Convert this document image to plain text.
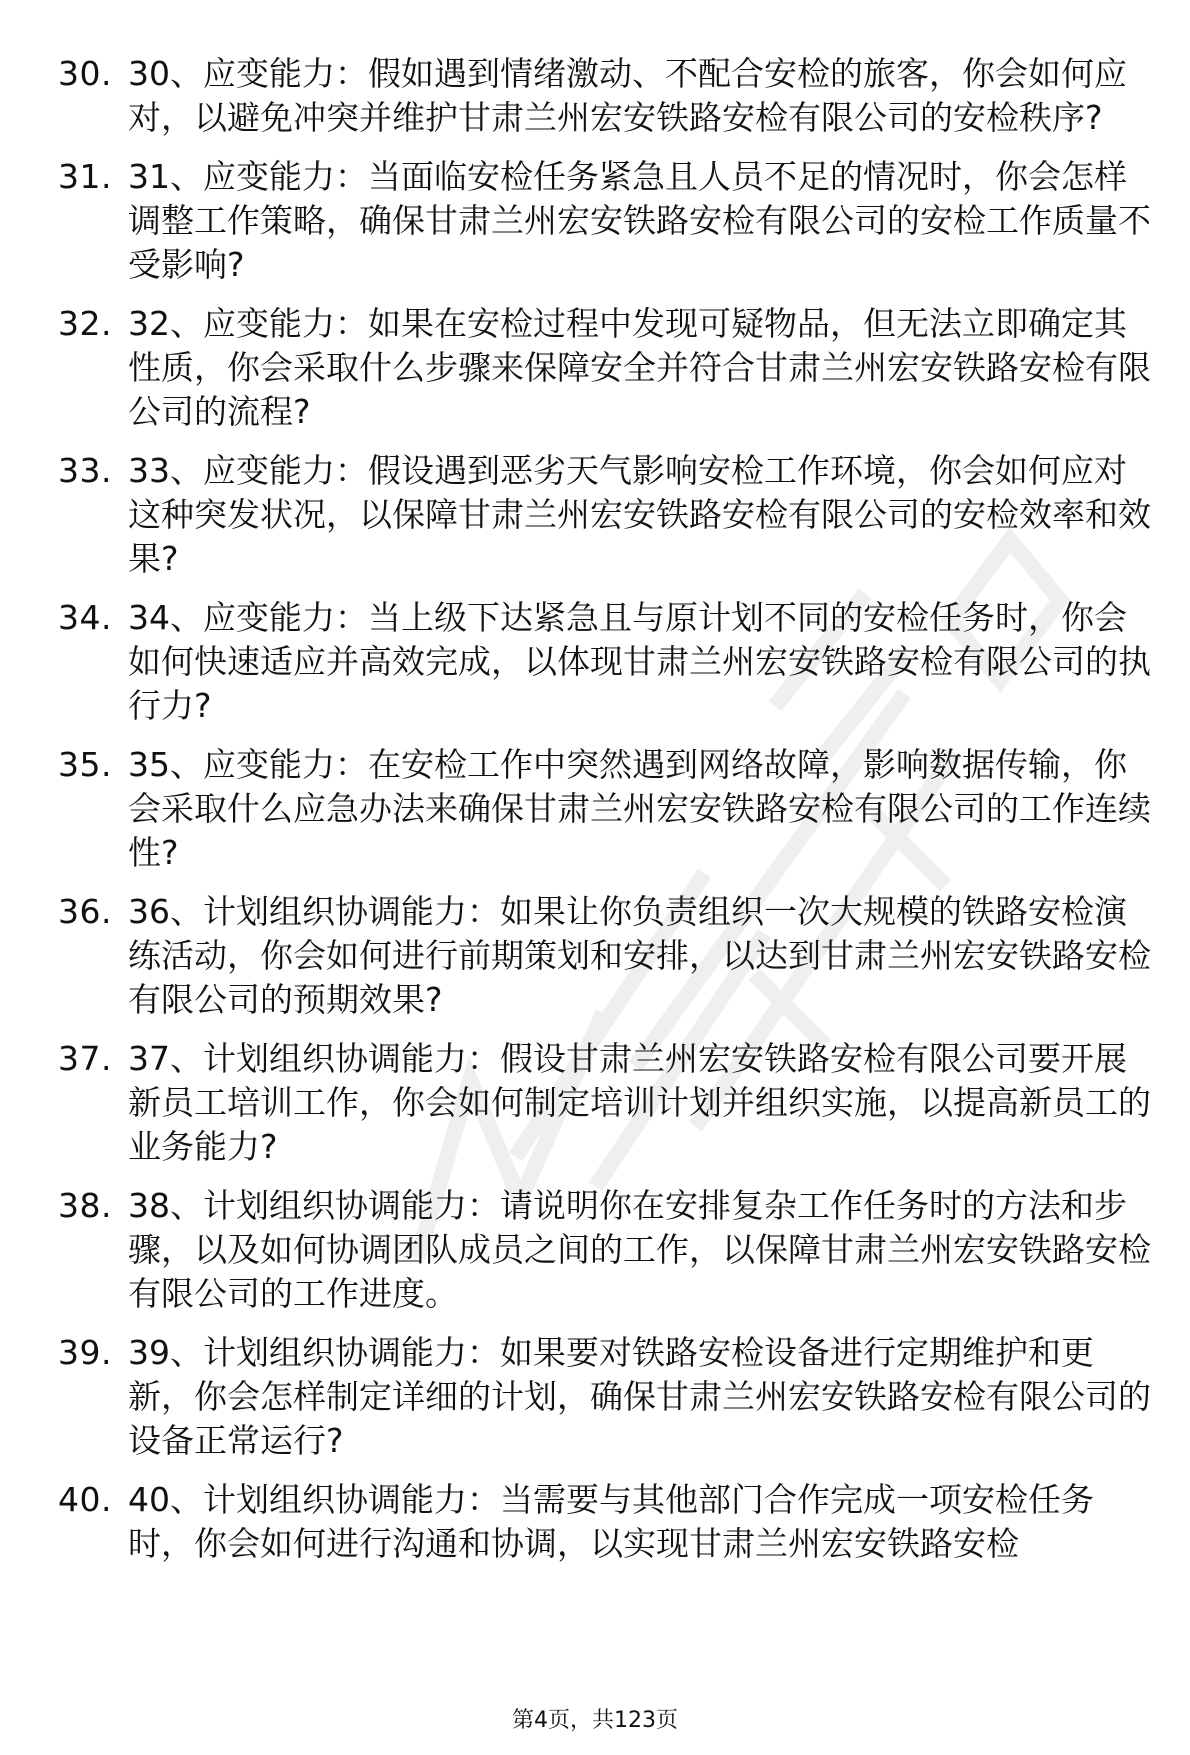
30. 30、应变能力：假如遇到情绪激动、不配合安检的旅客，你会如何应对，以避免冲突并维护甘肃兰州宏安铁路安检有限公司的安检秩序?
31. 31、应变能力：当面临安检任务紧急且人员不足的情况时，你会怎样调整工作策略，确保甘肃兰州宏安铁路安检有限公司的安检工作质量不受影响?
32. 32、应变能力：如果在安检过程中发现可疑物品，但无法立即确定其性质，你会采取什么步骤来保障安全并符合甘肃兰州宏安铁路安检有限公司的流程?
33. 33、应变能力：假设遇到恶劣天气影响安检工作环境，你会如何应对这种突发状况，以保障甘肃兰州宏安铁路安检有限公司的安检效率和效果?
34. 34、应变能力：当上级下达紧急且与原计划不同的安检任务时，你会如何快速适应并高效完成，以体现甘肃兰州宏安铁路安检有限公司的执行力?
35. 35、应变能力：在安检工作中突然遇到网络故障，影响数据传输，你会采取什么应急办法来确保甘肃兰州宏安铁路安检有限公司的工作连续性?
36. 36、计划组织协调能力：如果让你负责组织一次大规模的铁路安检演练活动，你会如何进行前期策划和安排，以达到甘肃兰州宏安铁路安检有限公司的预期效果?
37. 37、计划组织协调能力：假设甘肃兰州宏安铁路安检有限公司要开展新员工培训工作，你会如何制定培训计划并组织实施，以提高新员工的业务能力?
38. 38、计划组织协调能力：请说明你在安排复杂工作任务时的方法和步骤，以及如何协调团队成员之间的工作，以保障甘肃兰州宏安铁路安检有限公司的工作进度。
39. 39、计划组织协调能力：如果要对铁路安检设备进行定期维护和更新，你会怎样制定详细的计划，确保甘肃兰州宏安铁路安检有限公司的设备正常运行?
40. 40、计划组织协调能力：当需要与其他部门合作完成一项安检任务时，你会如何进行沟通和协调，以实现甘肃兰州宏安铁路安检
第4页，共123页
